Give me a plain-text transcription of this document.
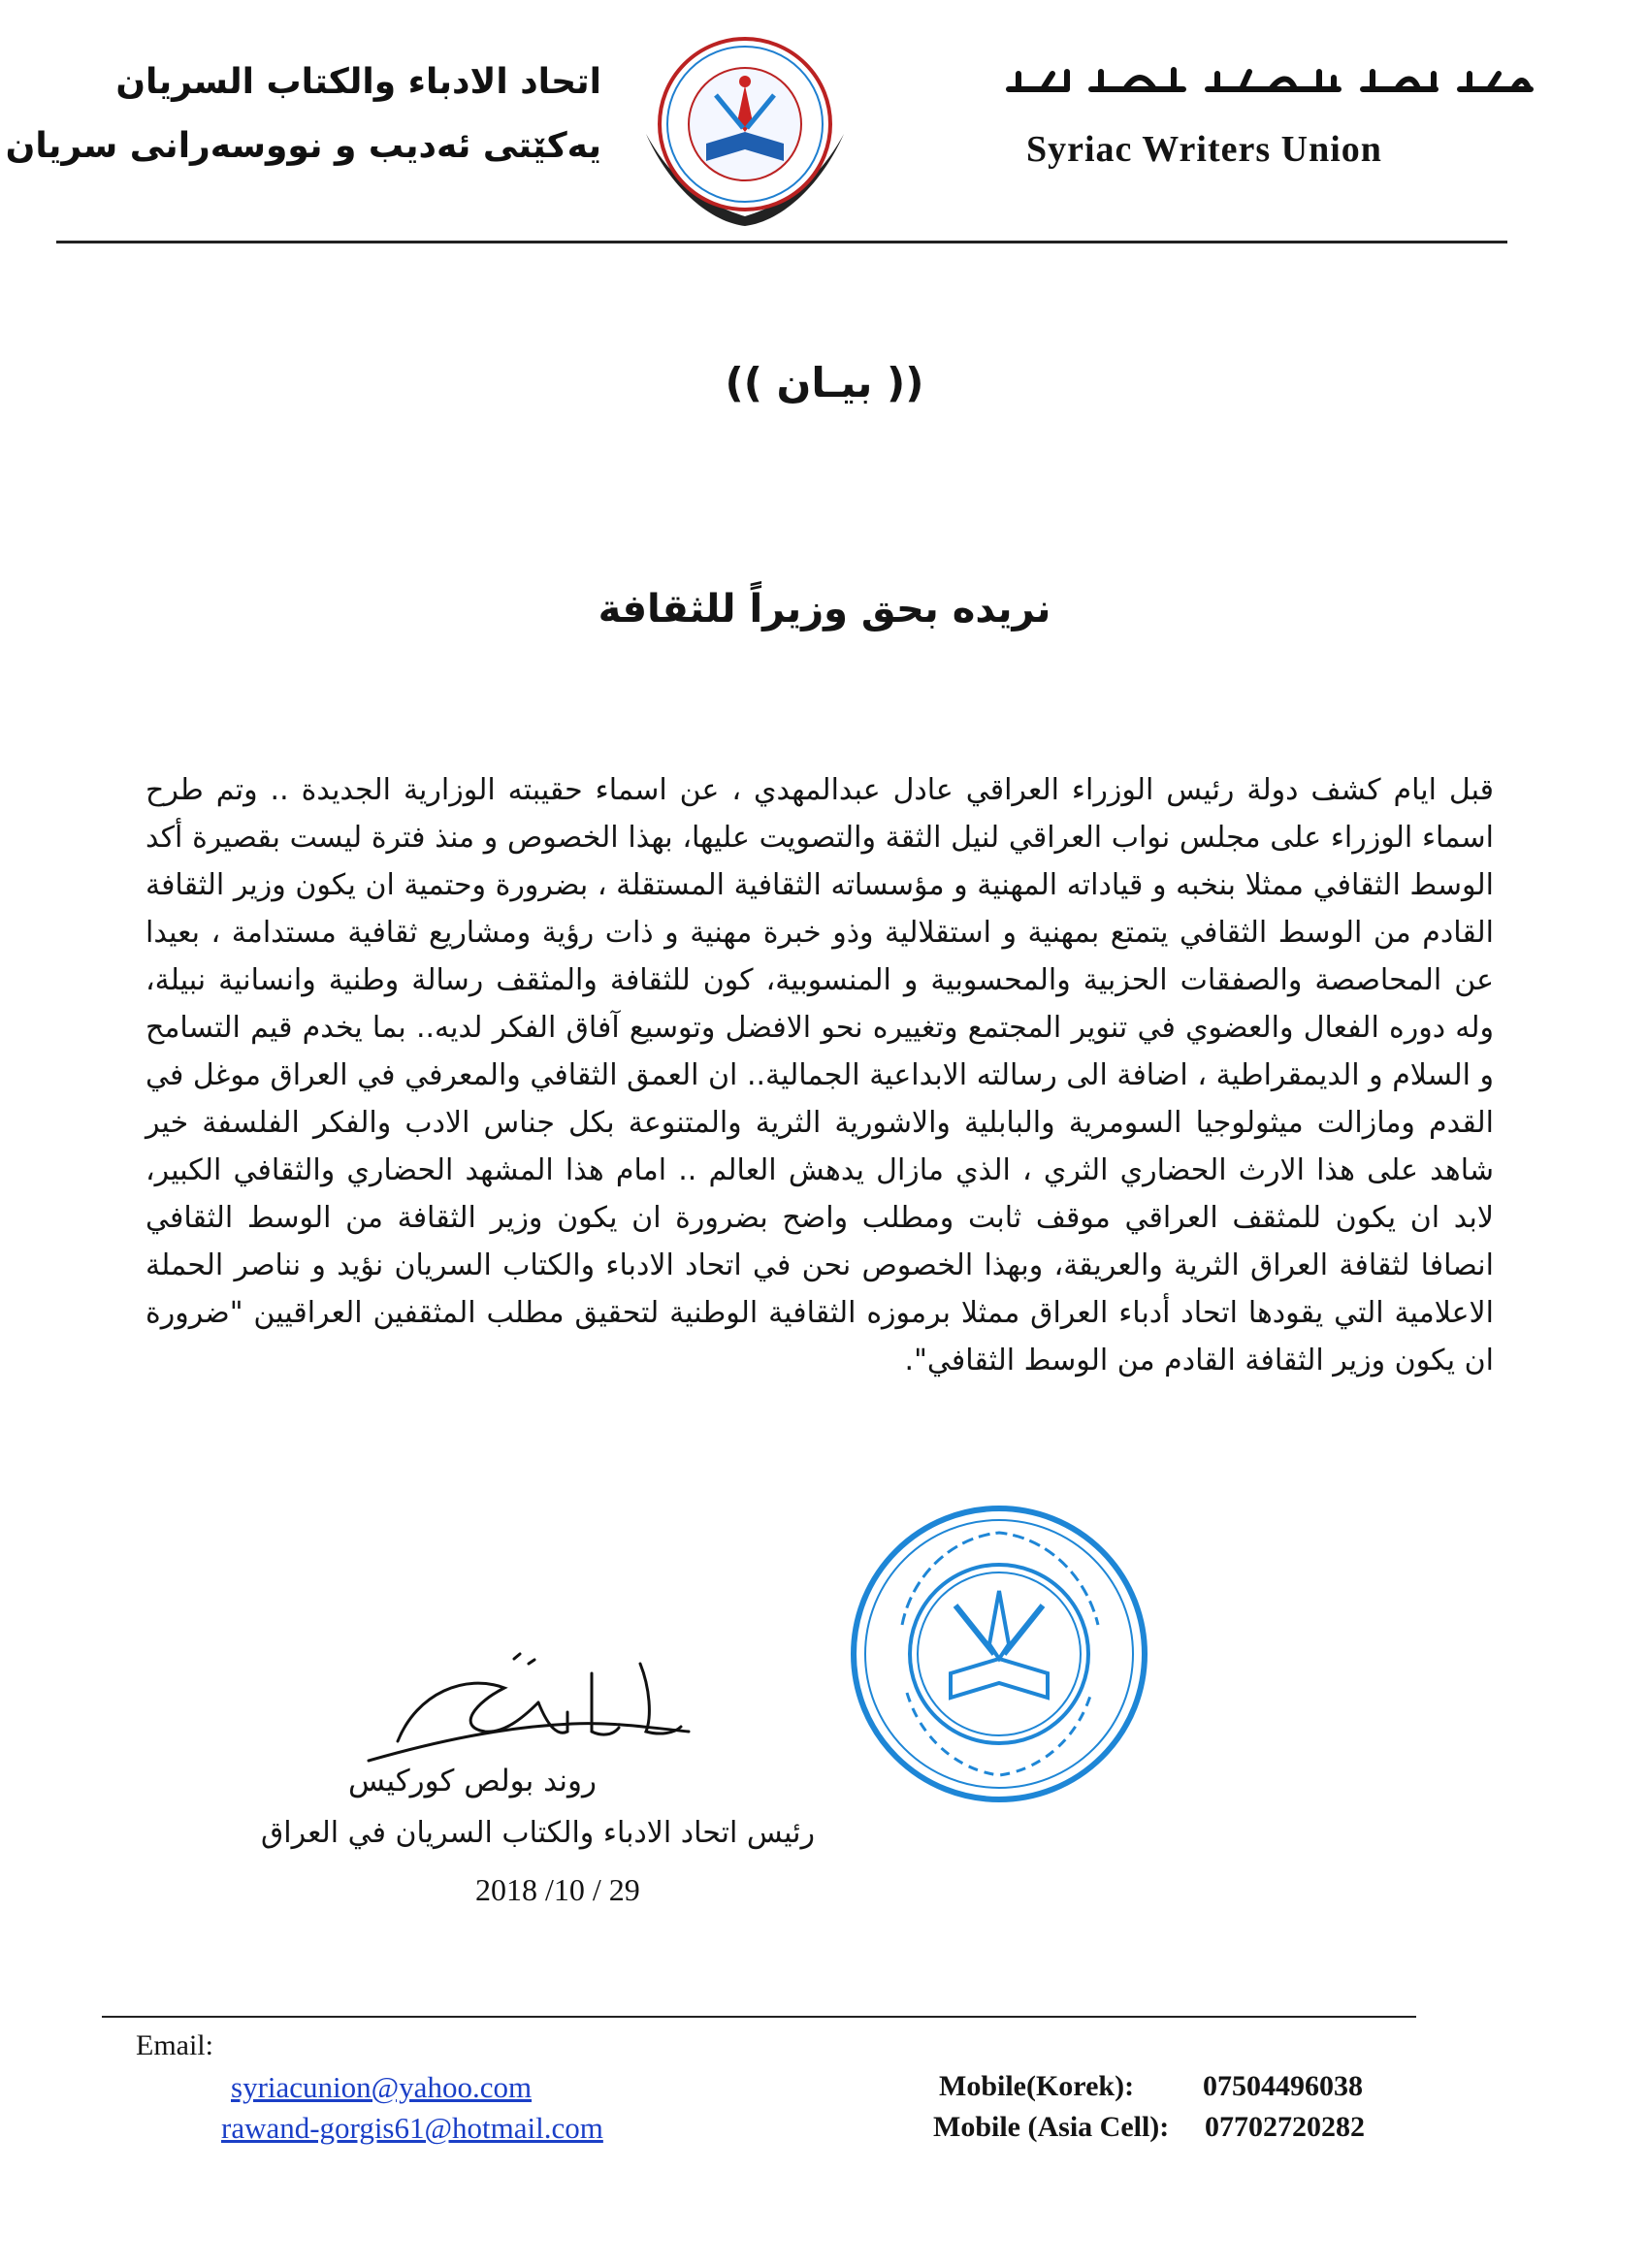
اتحاد الادباء والكتاب السريان
يەكێتی ئەديب و نووسەرانی سريان	Syriac Writers Union
(( بيـان ))
نريده بحق وزيراً للثقافة
قبل ايام كشف دولة رئيس الوزراء العراقي عادل عبدالمهدي ، عن اسماء حقيبته الوزارية الجديدة .. وتم طرح اسماء الوزراء على مجلس نواب العراقي لنيل الثقة والتصويت عليها، بهذا الخصوص و منذ فترة ليست بقصيرة أكد الوسط الثقافي ممثلا بنخبه و قياداته المهنية و مؤسساته الثقافية المستقلة ، بضرورة وحتمية ان يكون وزير الثقافة القادم من الوسط الثقافي يتمتع بمهنية و استقلالية وذو خبرة مهنية و ذات رؤية ومشاريع ثقافية مستدامة ، بعيدا عن المحاصصة والصفقات الحزبية والمحسوبية و المنسوبية، كون للثقافة والمثقف رسالة وطنية وانسانية نبيلة، وله دوره الفعال والعضوي في تنوير المجتمع وتغييره نحو الافضل وتوسيع آفاق الفكر لديه.. بما يخدم قيم التسامح و السلام و الديمقراطية ، اضافة الى رسالته الابداعية الجمالية.. ان العمق الثقافي والمعرفي في العراق موغل في القدم ومازالت ميثولوجيا السومرية والبابلية والاشورية الثرية والمتنوعة بكل جناس الادب والفكر الفلسفة خير شاهد على هذا الارث الحضاري الثري ، الذي مازال يدهش العالم .. امام هذا المشهد الحضاري والثقافي الكبير، لابد ان يكون للمثقف العراقي موقف ثابت ومطلب واضح بضرورة ان يكون وزير الثقافة من الوسط الثقافي انصافا لثقافة العراق الثرية والعريقة، وبهذا الخصوص نحن في اتحاد الادباء والكتاب السريان نؤيد و نناصر الحملة الاعلامية التي يقودها اتحاد أدباء العراق ممثلا برموزه الثقافية الوطنية لتحقيق مطلب المثقفين العراقيين "ضرورة ان يكون وزير الثقافة القادم من الوسط الثقافي".
روند بولص كوركيس
رئيس اتحاد الادباء والكتاب السريان في العراق
2018 /10 / 29
Email:
syriacunion@yahoo.com
rawand-gorgis61@hotmail.com
Mobile(Korek): 07504496038
Mobile (Asia Cell): 07702720282
